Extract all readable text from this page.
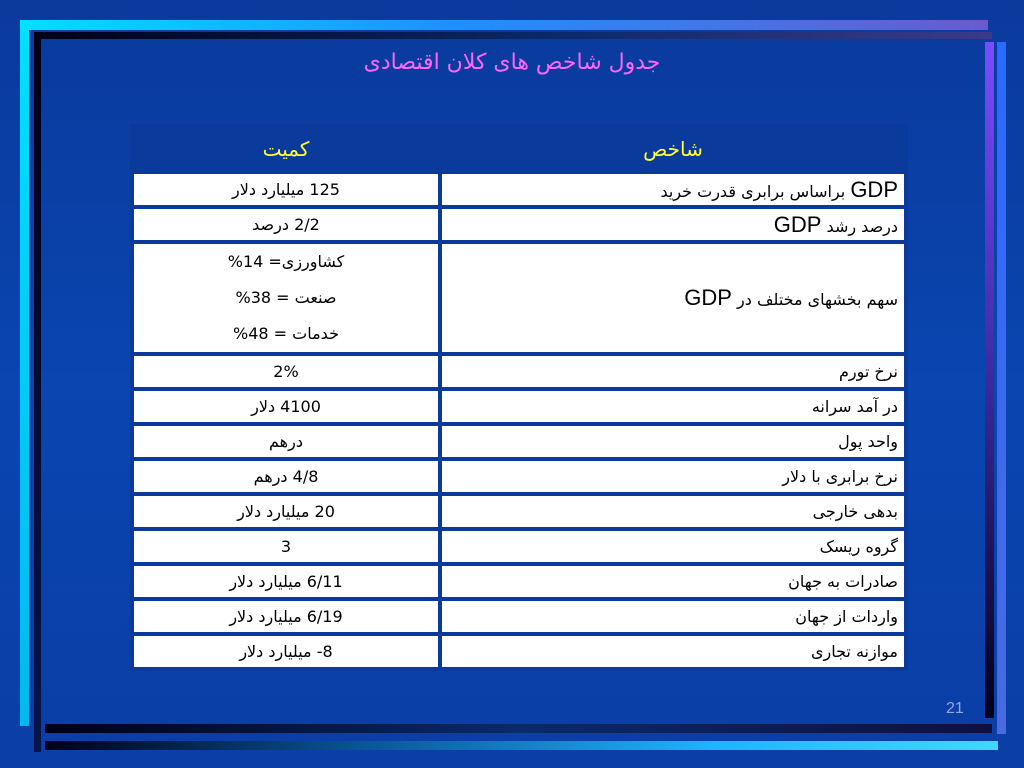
جدول شاخص های کلان اقتصادی
شاخص	کمیت
GDP براساس برابری قدرت خرید	125 میلیارد دلار
درصد رشد GDP	2/2 درصد
سهم بخشهای مختلف در GDP	کشاورزی= 14%
صنعت = 38%
خدمات = 48%

نرخ تورم	2%
در آمد سرانه	4100 دلار
واحد پول	درهم
نرخ برابری با دلار	4/8 درهم
بدهی خارجی	20 میلیارد دلار
گروه ریسک	3
صادرات به جهان	6/11 میلیارد دلار
واردات از جهان	6/19 میلیارد دلار
موازنه تجاری	8- میلیارد دلار
21
